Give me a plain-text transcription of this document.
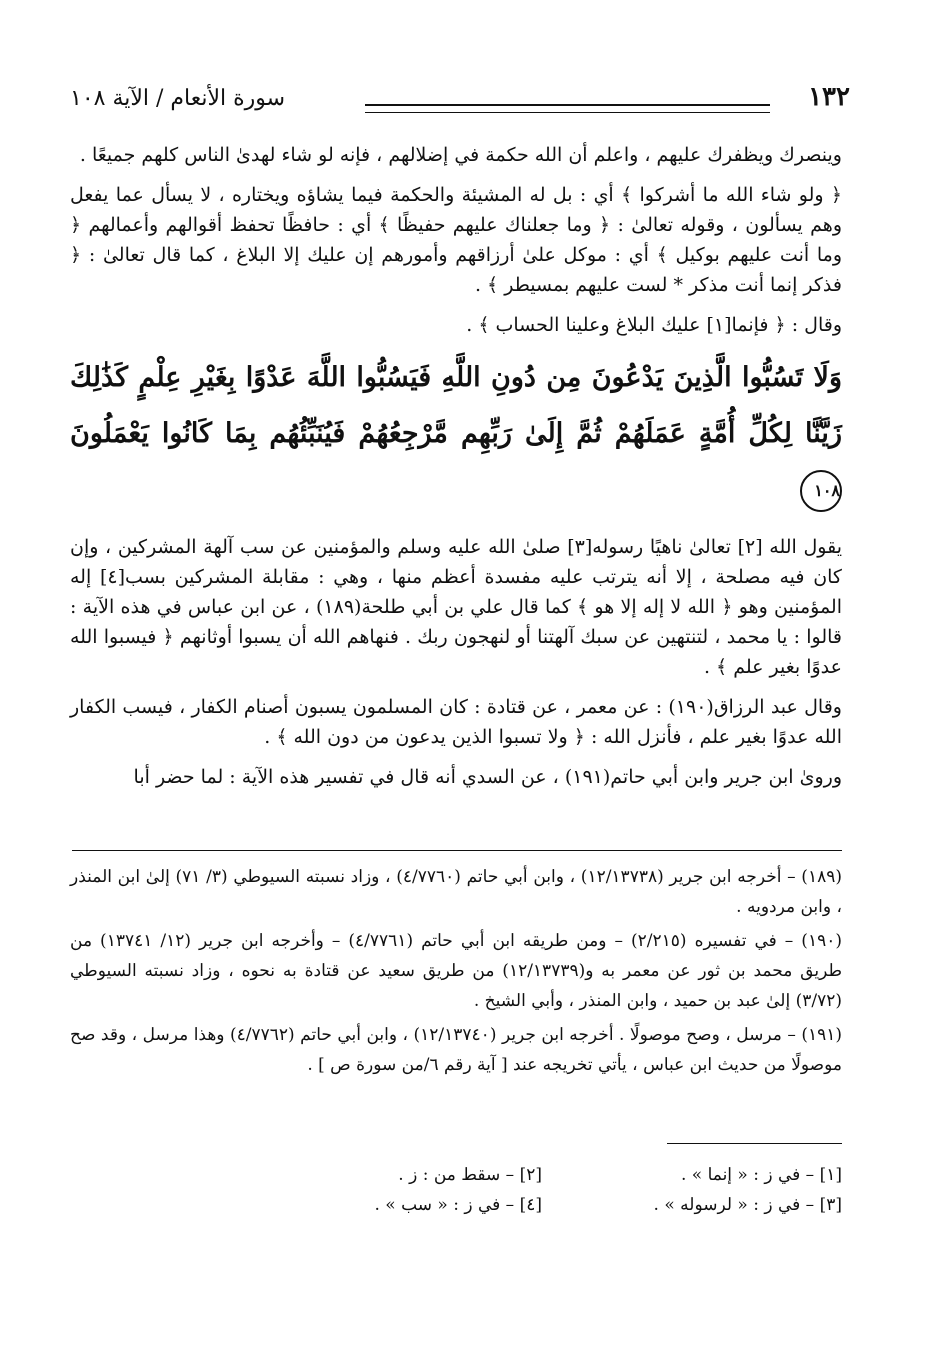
١٣٢
سورة الأنعام / الآية ١٠٨

وينصرك ويظفرك عليهم ، واعلم أن الله حكمة في إضلالهم ، فإنه لو شاء لهدىٰ الناس كلهم جميعًا .

﴿ ولو شاء الله ما أشركوا ﴾ أي : بل له المشيئة والحكمة فيما يشاؤه ويختاره ، لا يسأل عما يفعل وهم يسألون ، وقوله تعالىٰ : ﴿ وما جعلناك عليهم حفيظًا ﴾ أي : حافظًا تحفظ أقوالهم وأعمالهم ﴿ وما أنت عليهم بوكيل ﴾ أي : موكل علىٰ أرزاقهم وأمورهم إن عليك إلا البلاغ ، كما قال تعالىٰ : ﴿ فذكر إنما أنت مذكر * لست عليهم بمسيطر ﴾ .

وقال : ﴿ فإنما[١] عليك البلاغ وعلينا الحساب ﴾ .

وَلَا تَسُبُّوا الَّذِينَ يَدْعُونَ مِن دُونِ اللَّهِ فَيَسُبُّوا اللَّهَ عَدْوًا بِغَيْرِ عِلْمٍ كَذَٰلِكَ زَيَّنَّا لِكُلِّ أُمَّةٍ عَمَلَهُمْ ثُمَّ إِلَىٰ رَبِّهِم مَّرْجِعُهُمْ فَيُنَبِّئُهُم بِمَا كَانُوا يَعْمَلُونَ ١٠٨

يقول الله [٢] تعالىٰ ناهيًا رسوله[٣] صلىٰ الله عليه وسلم والمؤمنين عن سب آلهة المشركين ، وإن كان فيه مصلحة ، إلا أنه يترتب عليه مفسدة أعظم منها ، وهي : مقابلة المشركين بسب[٤] إله المؤمنين وهو ﴿ الله لا إله إلا هو ﴾ كما قال علي بن أبي طلحة(١٨٩) ، عن ابن عباس في هذه الآية : قالوا : يا محمد ، لتنتهين عن سبك آلهتنا أو لنهجون ربك . فنهاهم الله أن يسبوا أوثانهم ﴿ فيسبوا الله عدوًا بغير علم ﴾ .

وقال عبد الرزاق(١٩٠) : عن معمر ، عن قتادة : كان المسلمون يسبون أصنام الكفار ، فيسب الكفار الله عدوًا بغير علم ، فأنزل الله : ﴿ ولا تسبوا الذين يدعون من دون الله ﴾ .

وروىٰ ابن جرير وابن أبي حاتم(١٩١) ، عن السدي أنه قال في تفسير هذه الآية : لما حضر أبا

(١٨٩) – أخرجه ابن جرير (١٢/١٣٧٣٨) ، وابن أبي حاتم (٤/٧٧٦٠) ، وزاد نسبته السيوطي (٣/ ٧١) إلىٰ ابن المنذر ، وابن مردويه .

(١٩٠) – في تفسيره (٢/٢١٥) – ومن طريقه ابن أبي حاتم (٤/٧٧٦١) – وأخرجه ابن جرير (١٢/ ١٣٧٤١) من طريق محمد بن ثور عن معمر به و(١٢/١٣٧٣٩) من طريق سعيد عن قتادة به نحوه ، وزاد نسبته السيوطي (٣/٧٢) إلىٰ عبد بن حميد ، وابن المنذر ، وأبي الشيخ .

(١٩١) – مرسل ، وصح موصولًا . أخرجه ابن جرير (١٢/١٣٧٤٠) ، وابن أبي حاتم (٤/٧٧٦٢) وهذا مرسل ، وقد صح موصولًا من حديث ابن عباس ، يأتي تخريجه عند [ آية رقم ٦/من سورة ص ] .

[١] – في ز : « إنما » .
[٢] – سقط من : ز .
[٣] – في ز : « لرسوله » .
[٤] – في ز : « سب » .
